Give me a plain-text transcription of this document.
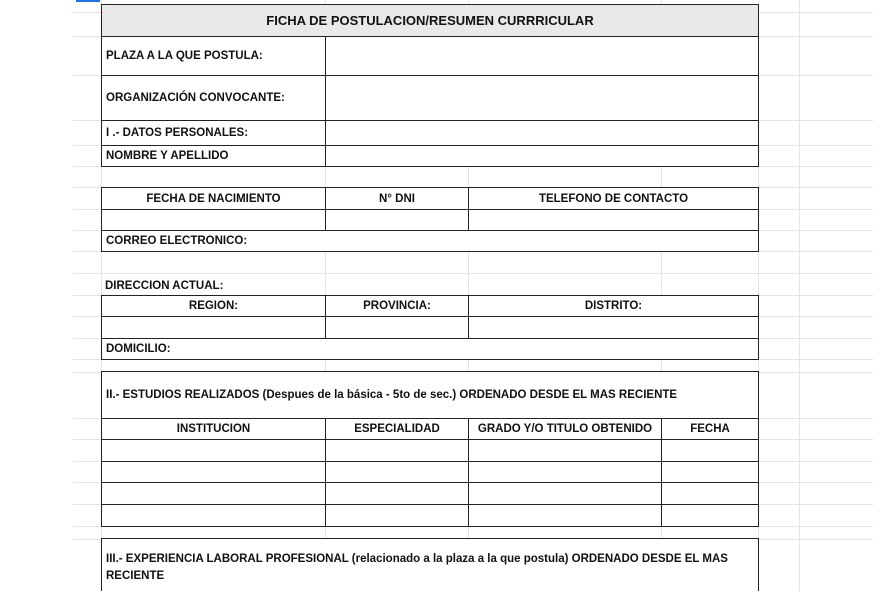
FICHA DE POSTULACION/RESUMEN CURRRICULAR
PLAZA A LA QUE POSTULA:
ORGANIZACIÓN CONVOCANTE:
I .- DATOS PERSONALES:
NOMBRE Y APELLIDO
FECHA DE NACIMIENTO	N° DNI	TELEFONO DE CONTACTO
CORREO ELECTRONICO:
DIRECCION ACTUAL:
REGION:	PROVINCIA:	DISTRITO:
DOMICILIO:
II.- ESTUDIOS REALIZADOS (Despues de la básica - 5to de sec.) ORDENADO DESDE EL MAS RECIENTE
INSTITUCION	ESPECIALIDAD	GRADO Y/O TITULO OBTENIDO	FECHA
III.- EXPERIENCIA LABORAL PROFESIONAL (relacionado a la plaza a la que postula) ORDENADO DESDE EL MAS RECIENTE
